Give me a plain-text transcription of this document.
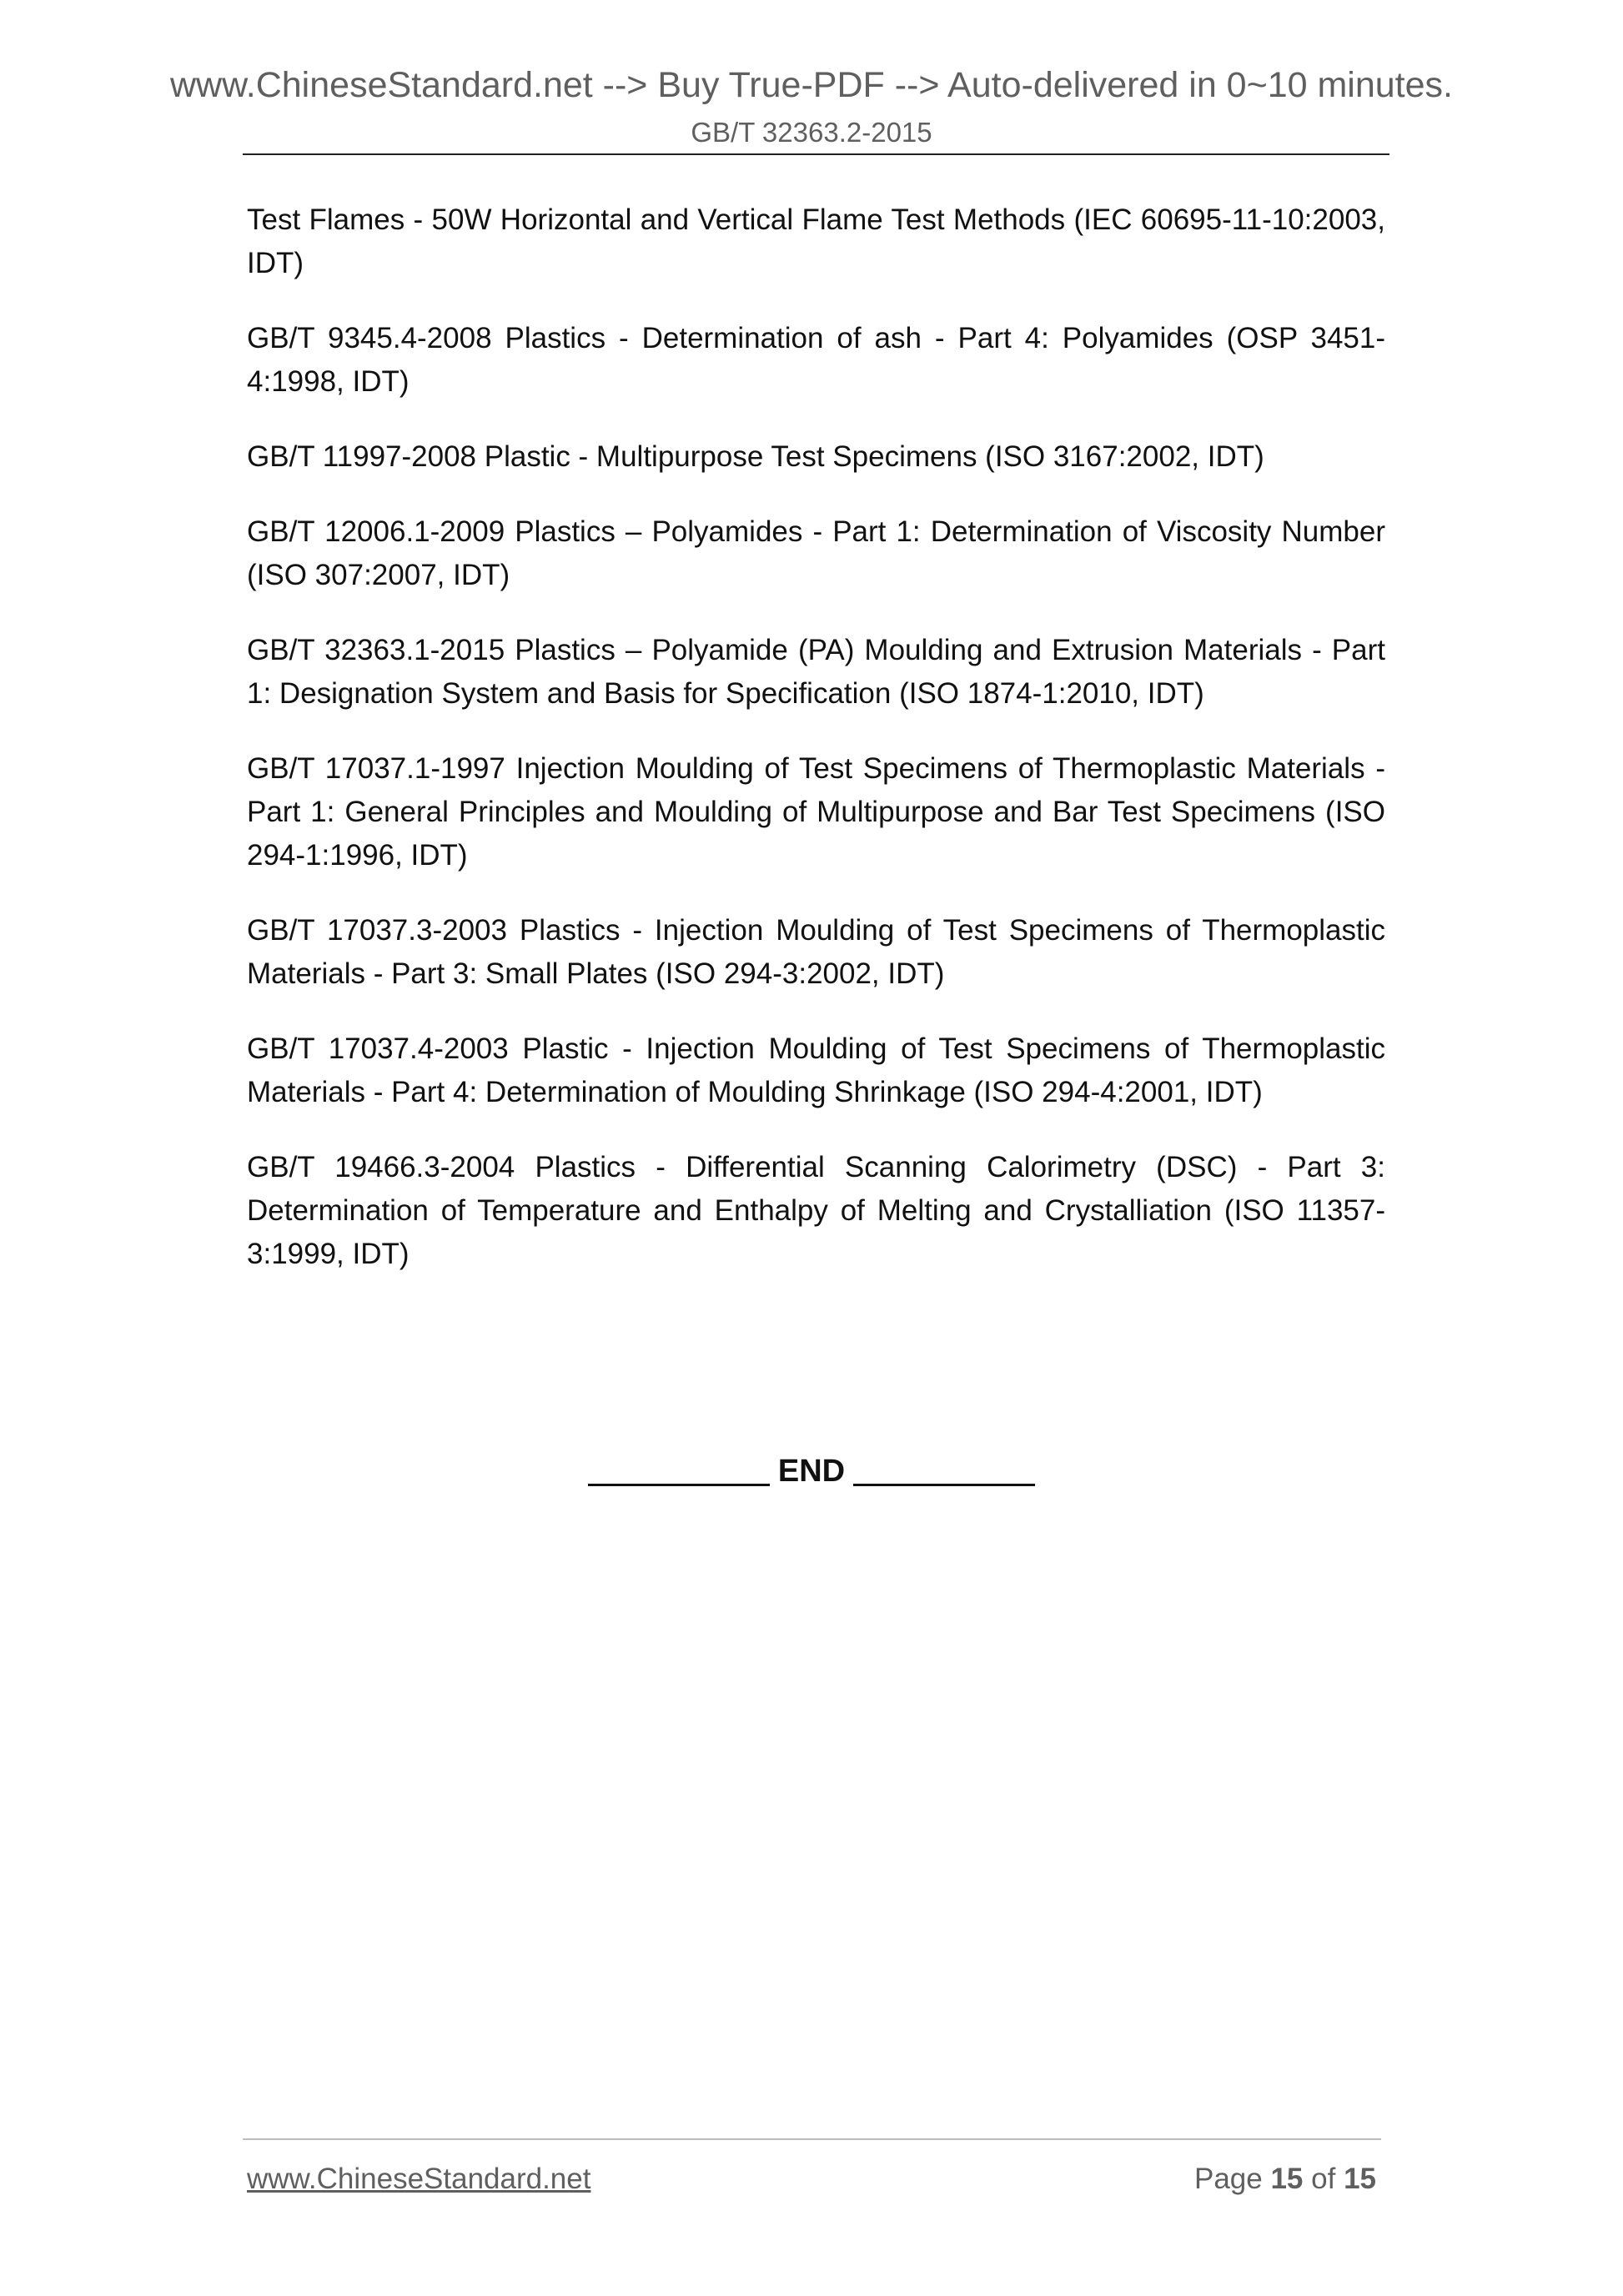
www.ChineseStandard.net --> Buy True-PDF --> Auto-delivered in 0~10 minutes.
GB/T 32363.2-2015

Test Flames - 50W Horizontal and Vertical Flame Test Methods (IEC 60695-11-10:2003, IDT)

GB/T 9345.4-2008 Plastics - Determination of ash - Part 4: Polyamides (OSP 3451-4:1998, IDT)

GB/T 11997-2008 Plastic - Multipurpose Test Specimens (ISO 3167:2002, IDT)

GB/T 12006.1-2009 Plastics – Polyamides - Part 1: Determination of Viscosity Number (ISO 307:2007, IDT)

GB/T 32363.1-2015 Plastics – Polyamide (PA) Moulding and Extrusion Materials - Part 1: Designation System and Basis for Specification (ISO 1874-1:2010, IDT)

GB/T 17037.1-1997 Injection Moulding of Test Specimens of Thermoplastic Materials - Part 1: General Principles and Moulding of Multipurpose and Bar Test Specimens (ISO 294-1:1996, IDT)

GB/T 17037.3-2003 Plastics - Injection Moulding of Test Specimens of Thermoplastic Materials - Part 3: Small Plates (ISO 294-3:2002, IDT)

GB/T 17037.4-2003 Plastic - Injection Moulding of Test Specimens of Thermoplastic Materials - Part 4: Determination of Moulding Shrinkage (ISO 294-4:2001, IDT)

GB/T 19466.3-2004 Plastics - Differential Scanning Calorimetry (DSC) - Part 3: Determination of Temperature and Enthalpy of Melting and Crystalliation (ISO 11357-3:1999, IDT)

END
www.ChineseStandard.net	Page 15 of 15
